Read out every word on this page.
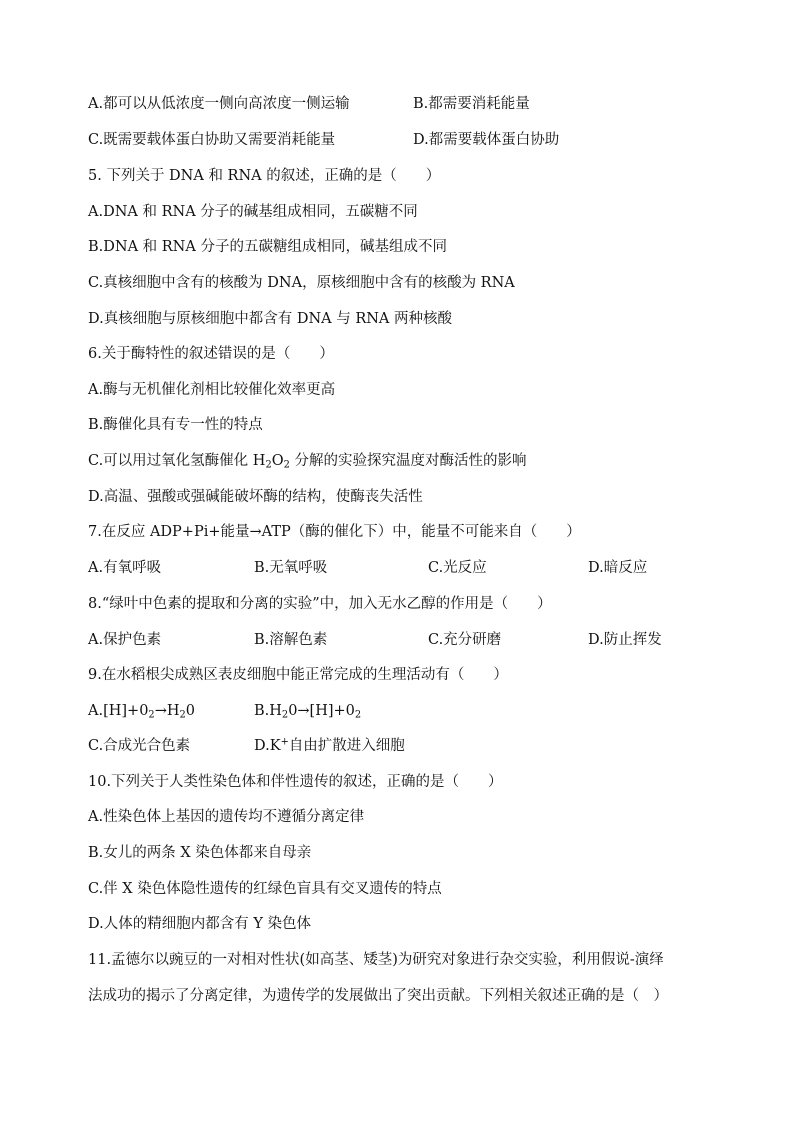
A.都可以从低浓度一侧向高浓度一侧运输	B.都需要消耗能量
C.既需要载体蛋白协助又需要消耗能量	D.都需要载体蛋白协助
5. 下列关于 DNA 和 RNA 的叙述，正确的是（　　）
A.DNA 和 RNA 分子的碱基组成相同，五碳糖不同
B.DNA 和 RNA 分子的五碳糖组成相同，碱基组成不同
C.真核细胞中含有的核酸为 DNA，原核细胞中含有的核酸为 RNA
D.真核细胞与原核细胞中都含有 DNA 与 RNA 两种核酸
6.关于酶特性的叙述错误的是（　　）
A.酶与无机催化剂相比较催化效率更高
B.酶催化具有专一性的特点
C.可以用过氧化氢酶催化 $H_2O_2$ 分解的实验探究温度对酶活性的影响
D.高温、强酸或强碱能破坏酶的结构，使酶丧失活性
7.在反应 ADP+Pi+能量→ATP（酶的催化下）中，能量不可能来自（　　）
A.有氧呼吸	B.无氧呼吸	C.光反应	D.暗反应
8.“绿叶中色素的提取和分离的实验”中，加入无水乙醇的作用是（　　）
A.保护色素	B.溶解色素	C.充分研磨	D.防止挥发
9.在水稻根尖成熟区表皮细胞中能正常完成的生理活动有（　　）
$A.[H]+0_2\to H_20$	$B.H_20\to[H]+0_2$
C.合成光合色素	D.K+自由扩散进入细胞
10.下列关于人类性染色体和伴性遗传的叙述，正确的是（　　）
A.性染色体上基因的遗传均不遵循分离定律
B.女儿的两条 X 染色体都来自母亲
C.伴 X 染色体隐性遗传的红绿色盲具有交叉遗传的特点
D.人体的精细胞内都含有 Y 染色体
11.孟德尔以豌豆的一对相对性状(如高茎、矮茎)为研究对象进行杂交实验，利用假说-演绎
法成功的揭示了分离定律，为遗传学的发展做出了突出贡献。下列相关叙述正确的是（　）
